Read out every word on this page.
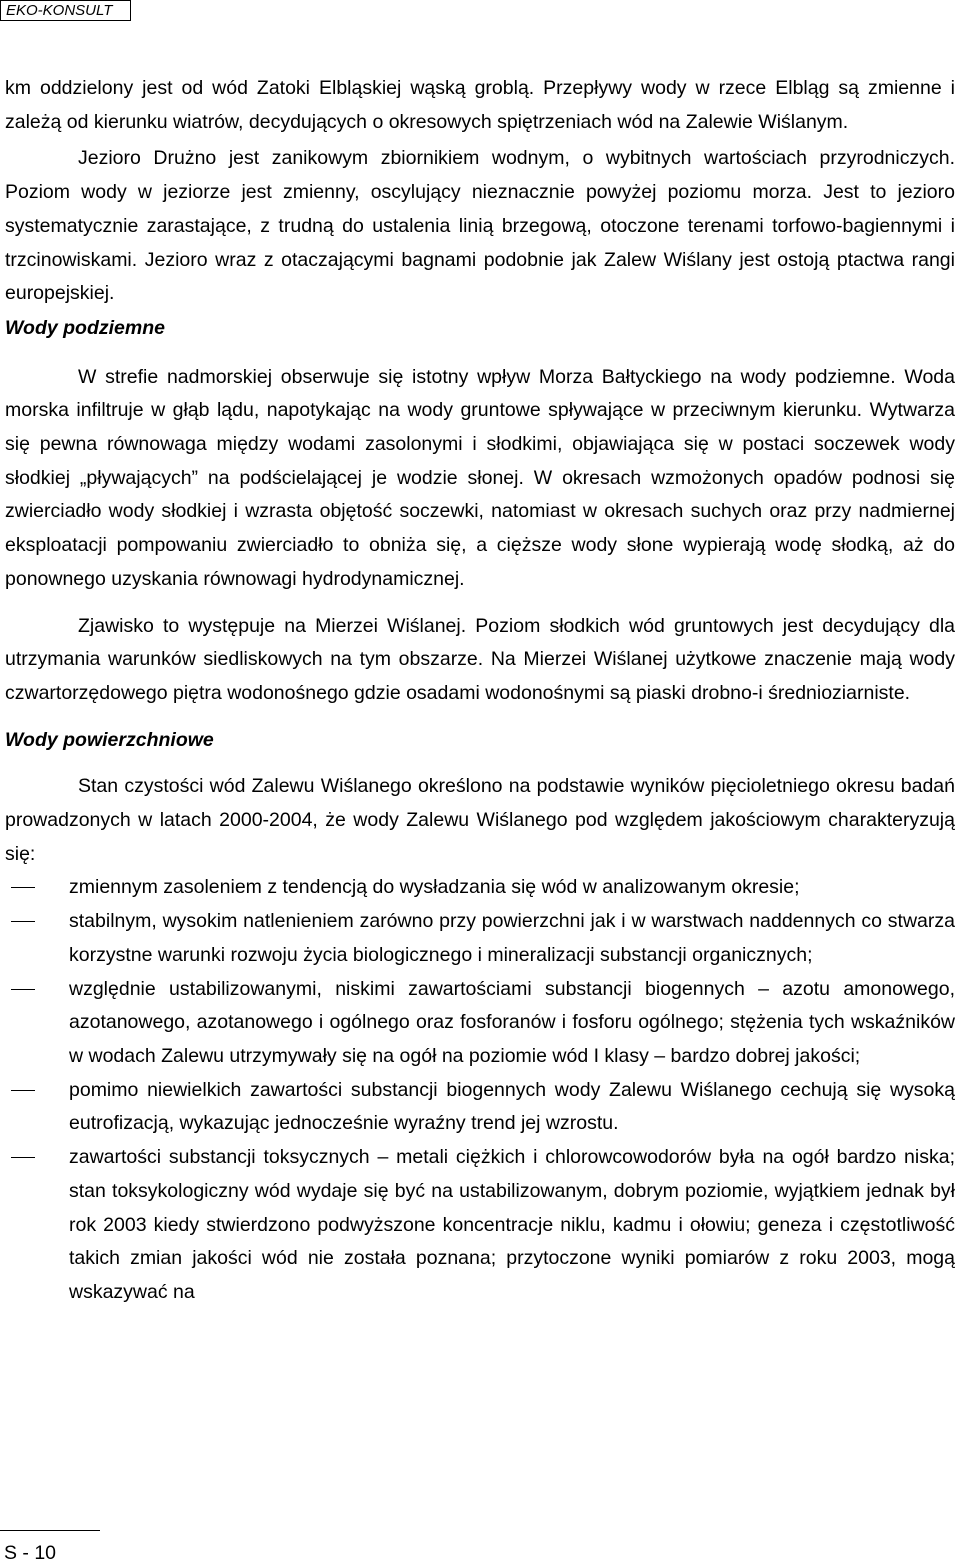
EKO-KONSULT

km oddzielony jest od wód Zatoki Elbląskiej wąską groblą. Przepływy wody w rzece Elbląg są zmienne i zależą od kierunku wiatrów, decydujących o okresowych spiętrzeniach wód na Zalewie Wiślanym.

Jezioro Drużno jest zanikowym zbiornikiem wodnym, o wybitnych wartościach przyrodniczych. Poziom wody w jeziorze jest zmienny, oscylujący nieznacznie powyżej poziomu morza. Jest to jezioro systematycznie zarastające, z trudną do ustalenia linią brzegową, otoczone terenami torfowo-bagiennymi i trzcinowiskami. Jezioro wraz z otaczającymi bagnami podobnie jak Zalew Wiślany jest ostoją ptactwa rangi europejskiej.

Wody podziemne

W strefie nadmorskiej obserwuje się istotny wpływ Morza Bałtyckiego na wody podziemne. Woda morska infiltruje w głąb lądu, napotykając na wody gruntowe spływające w przeciwnym kierunku. Wytwarza się pewna równowaga między wodami zasolonymi i słodkimi, objawiająca się w postaci soczewek wody słodkiej „pływających” na podścielającej je wodzie słonej. W okresach wzmożonych opadów podnosi się zwierciadło wody słodkiej i wzrasta objętość soczewki, natomiast w okresach suchych oraz przy nadmiernej eksploatacji pompowaniu zwierciadło to obniża się, a cięższe wody słone wypierają wodę słodką, aż do ponownego uzyskania równowagi hydrodynamicznej.

Zjawisko to występuje na Mierzei Wiślanej. Poziom słodkich wód gruntowych jest decydujący dla utrzymania warunków siedliskowych na tym obszarze. Na Mierzei Wiślanej użytkowe znaczenie mają wody czwartorzędowego piętra wodonośnego gdzie osadami wodonośnymi są piaski drobno-i średnioziarniste.

Wody powierzchniowe

Stan czystości wód Zalewu Wiślanego określono na podstawie wyników pięcioletniego okresu badań prowadzonych w latach 2000-2004, że wody Zalewu Wiślanego pod względem jakościowym charakteryzują się:

zmiennym zasoleniem z tendencją do wysładzania się wód w analizowanym okresie;
stabilnym, wysokim natlenieniem zarówno przy powierzchni jak i w warstwach naddennych co stwarza korzystne warunki rozwoju życia biologicznego i mineralizacji substancji organicznych;
względnie ustabilizowanymi, niskimi zawartościami substancji biogennych – azotu amonowego, azotanowego, azotanowego i ogólnego oraz fosforanów i fosforu ogólnego; stężenia tych wskaźników w wodach Zalewu utrzymywały się na ogół na poziomie wód I klasy – bardzo dobrej jakości;
pomimo niewielkich zawartości substancji biogennych wody Zalewu Wiślanego cechują się wysoką eutrofizacją, wykazując jednocześnie wyraźny trend jej wzrostu.
zawartości substancji toksycznych – metali ciężkich i chlorowcowodorów była na ogół bardzo niska; stan toksykologiczny wód wydaje się być na ustabilizowanym, dobrym poziomie, wyjątkiem jednak był rok 2003 kiedy stwierdzono podwyższone koncentracje niklu, kadmu i ołowiu; geneza i częstotliwość takich zmian jakości wód nie została poznana; przytoczone wyniki pomiarów z roku 2003, mogą wskazywać na
S - 10
